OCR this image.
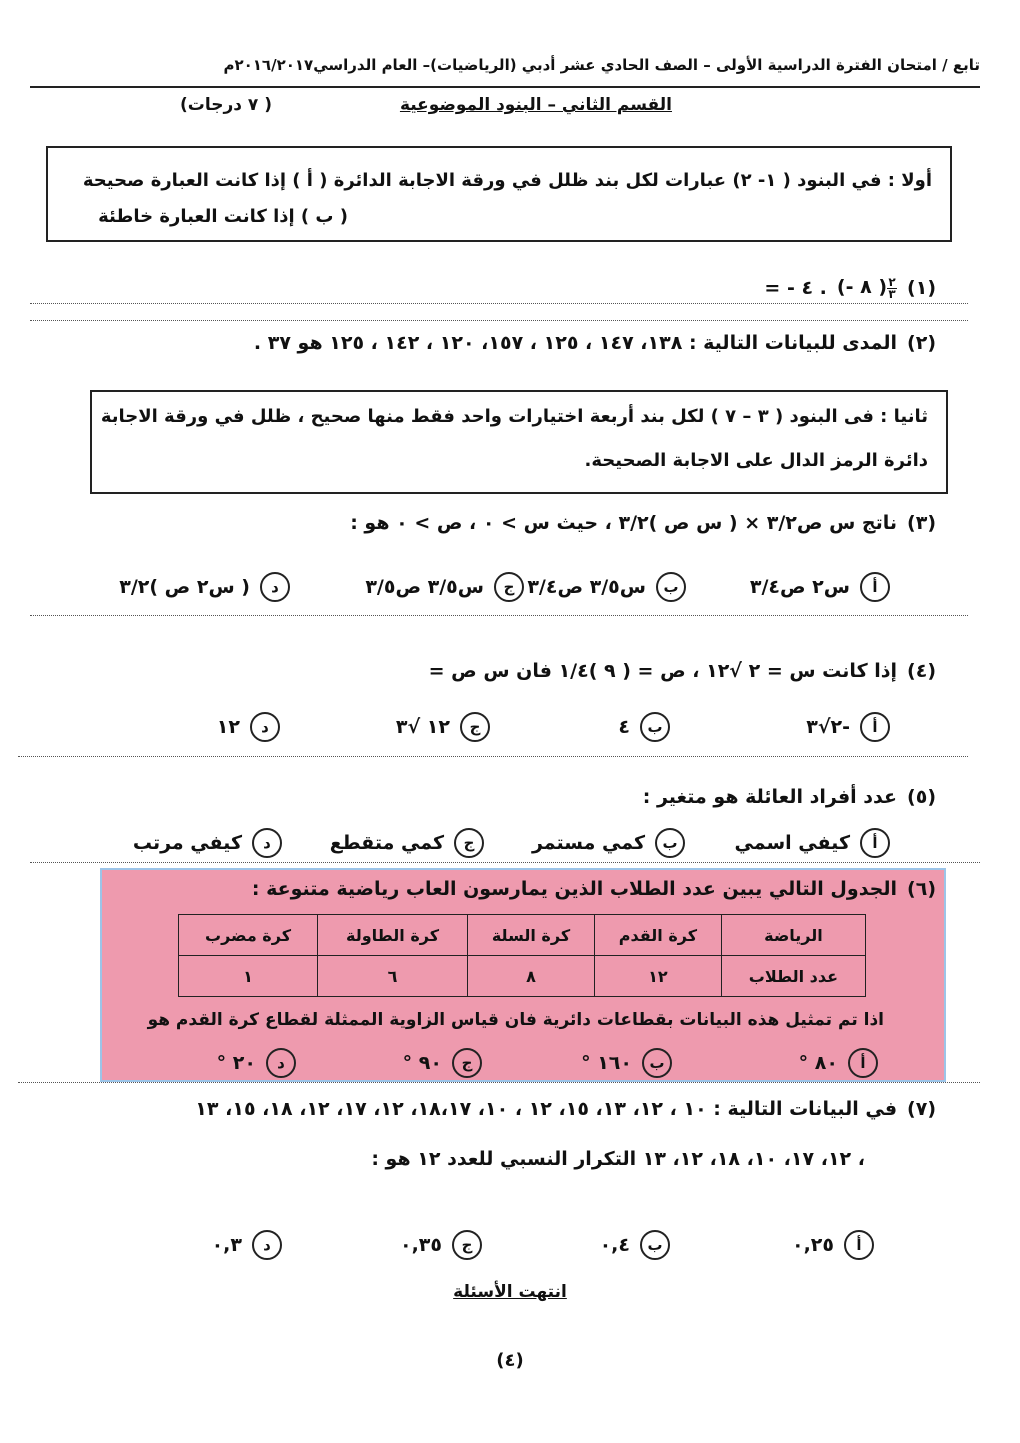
تابع / امتحان الفترة الدراسية الأولى – الصف الحادي عشر أدبي (الرياضيات)– العام الدراسي٢٠١٦/٢٠١٧م
القسم الثاني – البنود الموضوعية
( ٧ درجات)
أولا : في البنود ( ١- ٢) عبارات لكل بند ظلل في ورقة الاجابة الدائرة ( أ ) إذا كانت العبارة صحيحة
( ب ) إذا كانت العبارة خاطئة
(١)
(- ٨ ) $\frac{٢}{٣}$
= - ٤ .
(٢)
المدى للبيانات التالية : ١٣٨، ١٤٧ ، ١٢٥ ، ١٥٧، ١٢٠ ، ١٤٢ ، ١٢٥ هو ٣٧ .
ثانيا : فى البنود ( ٣ – ٧ ) لكل بند أربعة اختيارات واحد فقط منها صحيح ، ظلل في ورقة الاجابة
دائرة الرمز الدال على الاجابة الصحيحة.
(٣)
ناتج س ص٣/٢ × ( س ص )٣/٢ ، حيث س > ٠ ، ص > ٠ هو :
أ
س٢ ص٣/٤
ب
س٣/٥ ص٣/٤
ج
س٣/٥ ص٣/٥
د
( س٢ ص )٣/٢
(٤)
إذا كانت س = ٢ √١٢ ، ص = ( ٩ )١/٤ فان س ص =
أ
-٢√٣
ب
٤
ج
١٢ √٣
د
١٢
(٥)
عدد أفراد العائلة هو متغير :
أ
كيفي اسمي
ب
كمي مستمر
ج
كمي متقطع
د
كيفي مرتب
(٦)
الجدول التالي يبين عدد الطلاب الذين يمارسون العاب رياضية متنوعة :
الرياضة	كرة القدم	كرة السلة	كرة الطاولة	كرة مضرب
عدد الطلاب	١٢	٨	٦	١
اذا تم تمثيل هذه البيانات بقطاعات دائرية فان قياس الزاوية الممثلة لقطاع كرة القدم هو
أ
٨٠ °
ب
١٦٠ °
ج
٩٠ °
د
٢٠ °
(٧)
في البيانات التالية : ١٠ ، ١٢، ١٣، ١٥، ١٢ ، ١٠، ١٨،١٧، ١٢، ١٧، ١٢، ١٨، ١٥، ١٣
، ١٢، ١٧، ١٠، ١٨، ١٢، ١٣ التكرار النسبي للعدد ١٢ هو :
أ
٠,٢٥
ب
٠,٤
ج
٠,٣٥
د
٠,٣
انتهت الأسئلة
(٤)
